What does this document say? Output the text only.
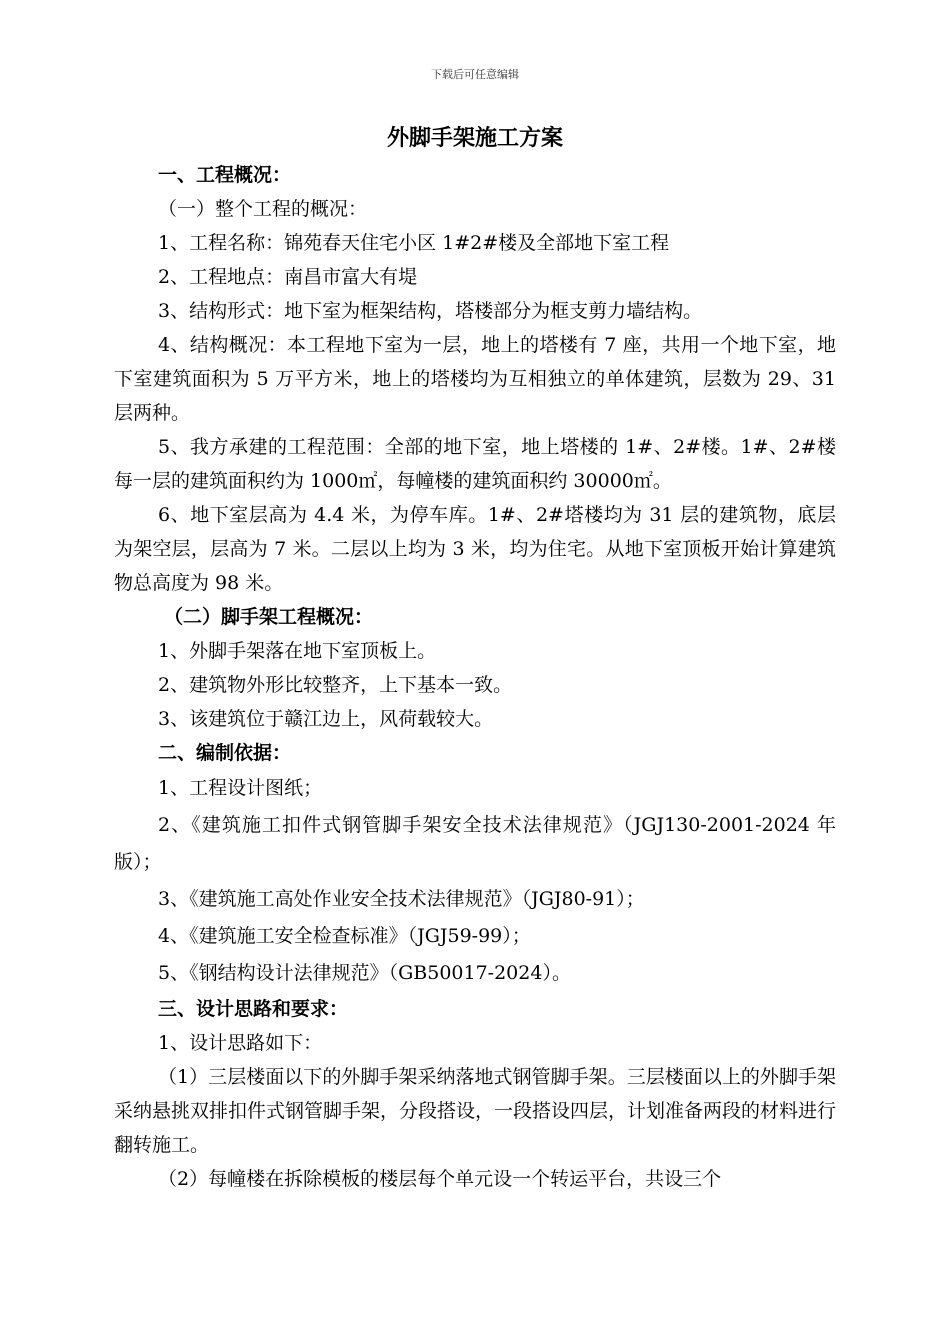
下载后可任意编辑

外脚手架施工方案

一、工程概况：

（一）整个工程的概况：

1、工程名称：锦苑春天住宅小区 1#2#楼及全部地下室工程

2、工程地点：南昌市富大有堤

3、结构形式：地下室为框架结构，塔楼部分为框支剪力墙结构。

4、结构概况：本工程地下室为一层，地上的塔楼有 7 座，共用一个地下室，地下室建筑面积为 5 万平方米，地上的塔楼均为互相独立的单体建筑，层数为 29、31 层两种。

5、我方承建的工程范围：全部的地下室，地上塔楼的 1#、2#楼。1#、2#楼每一层的建筑面积约为 1000㎡，每幢楼的建筑面积约 30000㎡。

6、地下室层高为 4.4 米，为停车库。1#、2#塔楼均为 31 层的建筑物，底层为架空层，层高为 7 米。二层以上均为 3 米，均为住宅。从地下室顶板开始计算建筑物总高度为 98 米。

（二）脚手架工程概况：

1、外脚手架落在地下室顶板上。

2、建筑物外形比较整齐，上下基本一致。

3、该建筑位于赣江边上，风荷载较大。

二、编制依据：

1、工程设计图纸；

2、《建筑施工扣件式钢管脚手架安全技术法律规范》（JGJ130-2001-2024 年版）；

3、《建筑施工高处作业安全技术法律规范》（JGJ80-91）；

4、《建筑施工安全检查标准》（JGJ59-99）；

5、《钢结构设计法律规范》（GB50017-2024）。

三、设计思路和要求：

1、设计思路如下：

（1）三层楼面以下的外脚手架采纳落地式钢管脚手架。三层楼面以上的外脚手架采纳悬挑双排扣件式钢管脚手架，分段搭设，一段搭设四层，计划准备两段的材料进行翻转施工。

（2）每幢楼在拆除模板的楼层每个单元设一个转运平台，共设三个
